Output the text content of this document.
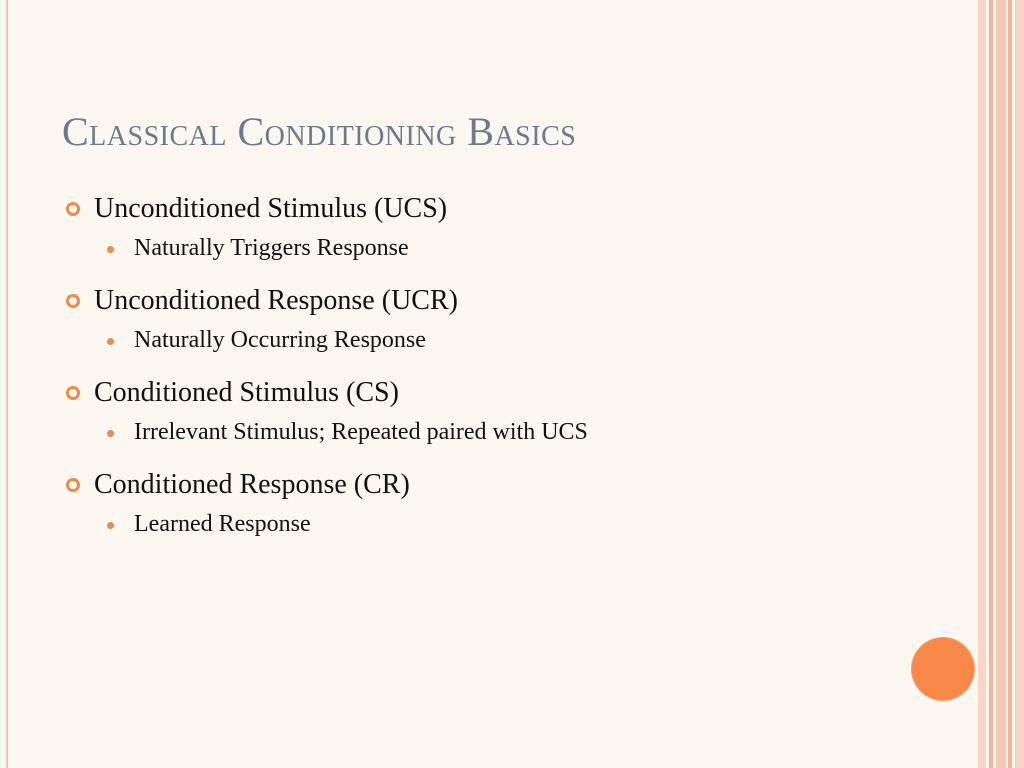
Classical Conditioning Basics
Unconditioned Stimulus (UCS)
Naturally Triggers Response
Unconditioned Response (UCR)
Naturally Occurring Response
Conditioned Stimulus (CS)
Irrelevant Stimulus; Repeated paired with UCS
Conditioned Response (CR)
Learned Response
